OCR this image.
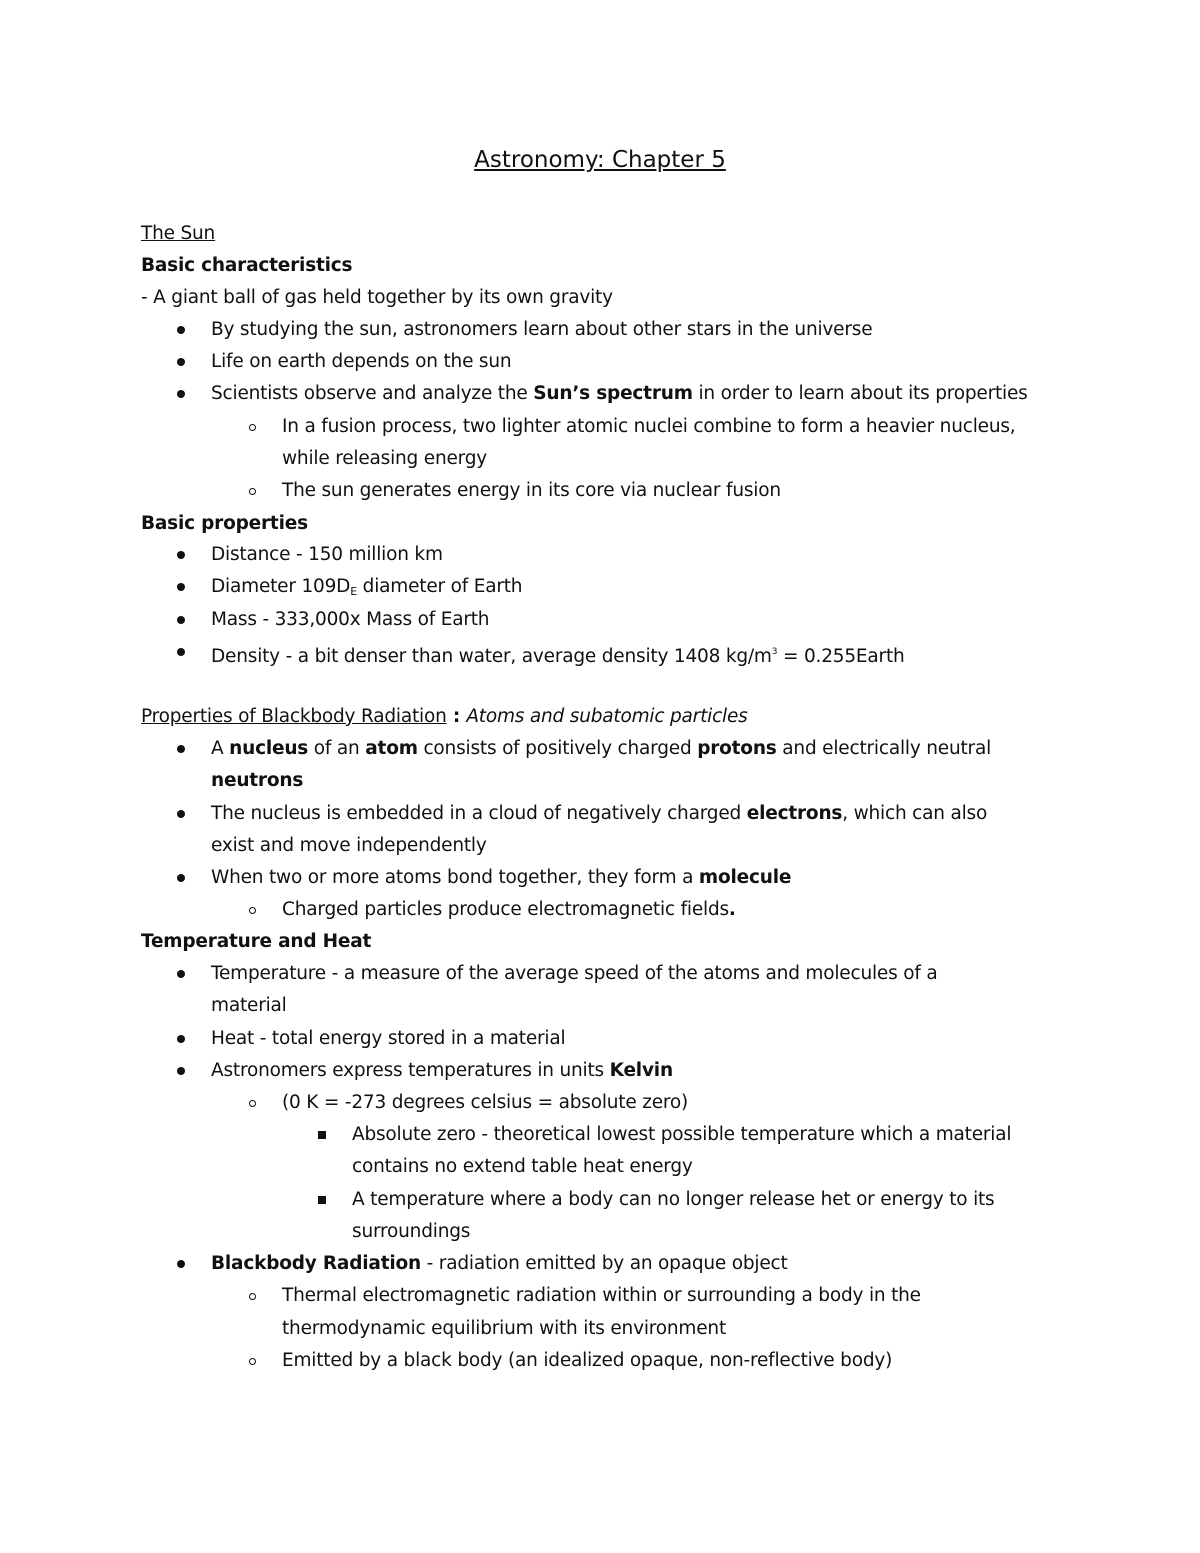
Astronomy: Chapter 5
The Sun
Basic characteristics
- A giant ball of gas held together by its own gravity
By studying the sun, astronomers learn about other stars in the universe
Life on earth depends on the sun
Scientists observe and analyze the Sun’s spectrum in order to learn about its properties
In a fusion process, two lighter atomic nuclei combine to form a heavier nucleus,
while releasing energy
The sun generates energy in its core via nuclear fusion
Basic properties
Distance - 150 million km
Diameter $109D_E$ diameter of Earth
Mass - 333,000x Mass of Earth
Density - a bit denser than water, average density 1408 $kg/m^3$ = 0.255Earth
Properties of Blackbody Radiation : Atoms and subatomic particles
A nucleus of an atom consists of positively charged protons and electrically neutral
neutrons
The nucleus is embedded in a cloud of negatively charged electrons, which can also
exist and move independently
When two or more atoms bond together, they form a molecule
Charged particles produce electromagnetic fields.
Temperature and Heat
Temperature - a measure of the average speed of the atoms and molecules of a
material
Heat - total energy stored in a material
Astronomers express temperatures in units Kelvin
(0 K = -273 degrees celsius = absolute zero)
Absolute zero - theoretical lowest possible temperature which a material
contains no extend table heat energy
A temperature where a body can no longer release het or energy to its
surroundings
Blackbody Radiation - radiation emitted by an opaque object
Thermal electromagnetic radiation within or surrounding a body in the
thermodynamic equilibrium with its environment
Emitted by a black body (an idealized opaque, non-reflective body)
